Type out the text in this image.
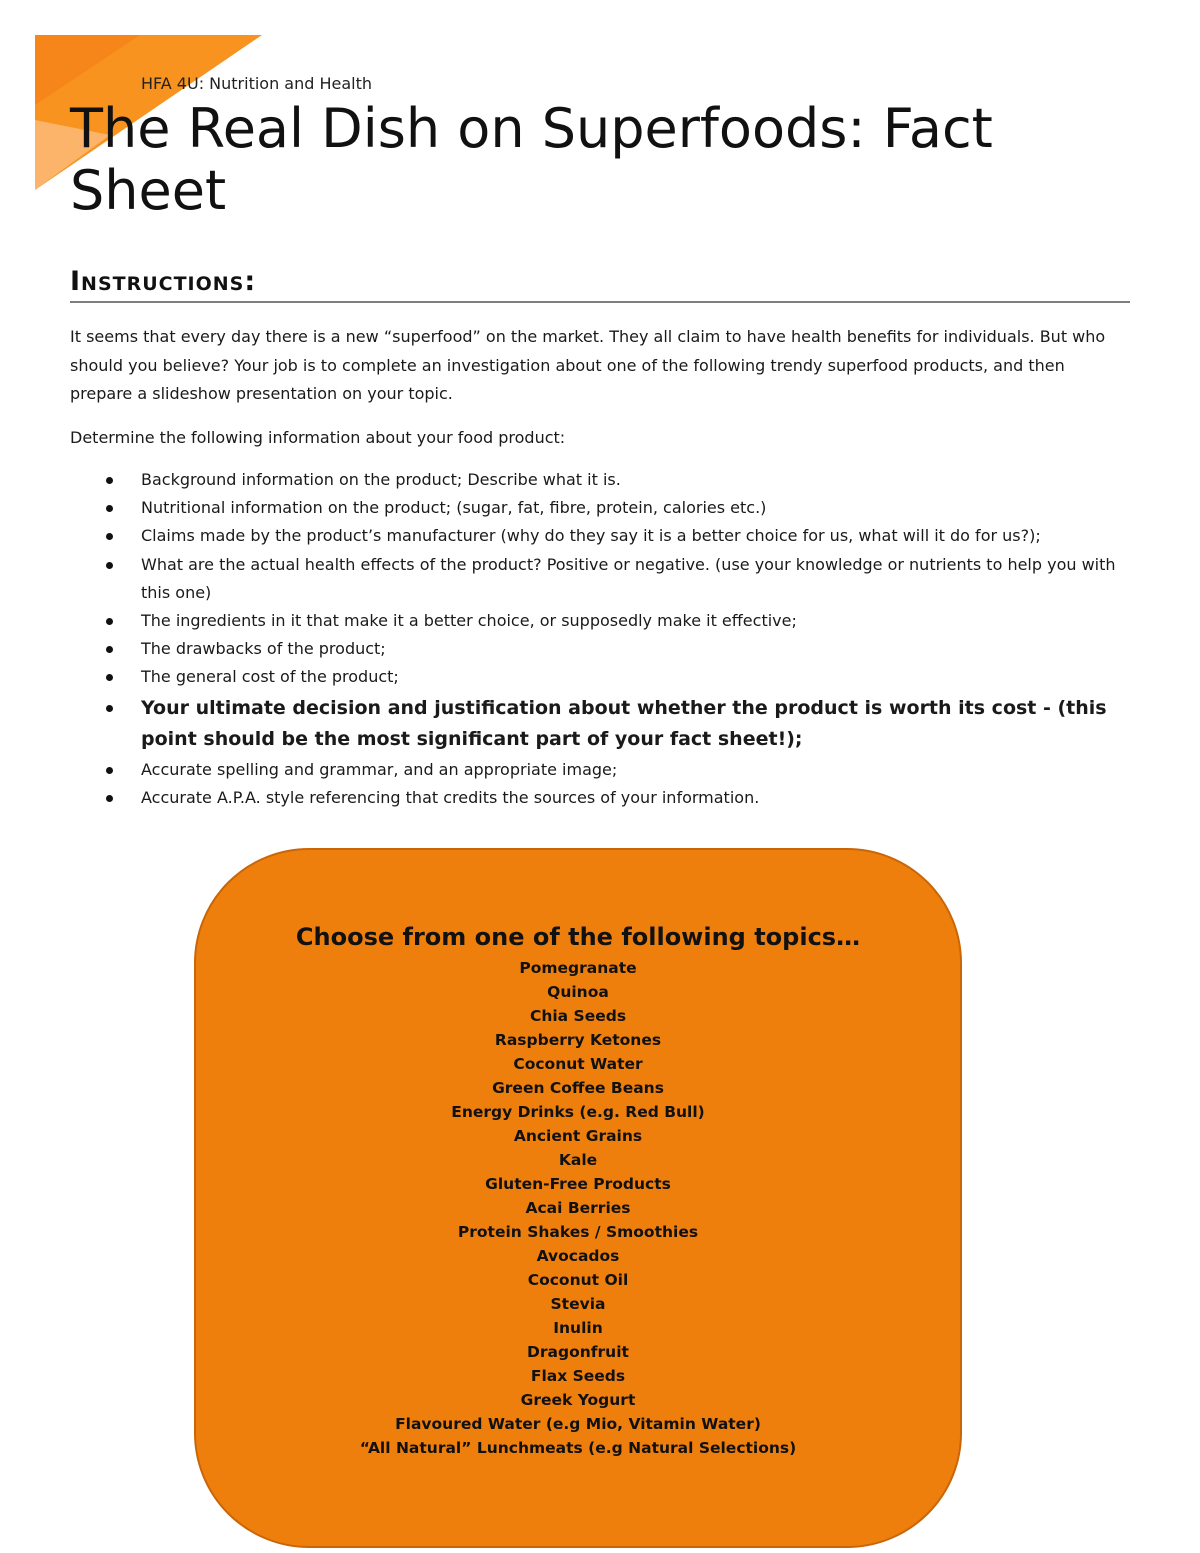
HFA 4U: Nutrition and Health
The Real Dish on Superfoods: Fact Sheet
Instructions:

It seems that every day there is a new “superfood” on the market. They all claim to have health benefits for individuals. But who should you believe? Your job is to complete an investigation about one of the following trendy superfood products, and then prepare a slideshow presentation on your topic.

Determine the following information about your food product:

Background information on the product; Describe what it is.
Nutritional information on the product; (sugar, fat, fibre, protein, calories etc.)
Claims made by the product’s manufacturer (why do they say it is a better choice for us, what will it do for us?);
What are the actual health effects of the product? Positive or negative. (use your knowledge or nutrients to help you with this one)
The ingredients in it that make it a better choice, or supposedly make it effective;
The drawbacks of the product;
The general cost of the product;
Your ultimate decision and justification about whether the product is worth its cost - (this point should be the most significant part of your fact sheet!);
Accurate spelling and grammar, and an appropriate image;
Accurate A.P.A. style referencing that credits the sources of your information.
Choose from one of the following topics…
Pomegranate
Quinoa
Chia Seeds
Raspberry Ketones
Coconut Water
Green Coffee Beans
Energy Drinks (e.g. Red Bull)
Ancient Grains
Kale
Gluten-Free Products
Acai Berries
Protein Shakes / Smoothies
Avocados
Coconut Oil
Stevia
Inulin
Dragonfruit
Flax Seeds
Greek Yogurt
Flavoured Water (e.g Mio, Vitamin Water)
“All Natural” Lunchmeats (e.g Natural Selections)
